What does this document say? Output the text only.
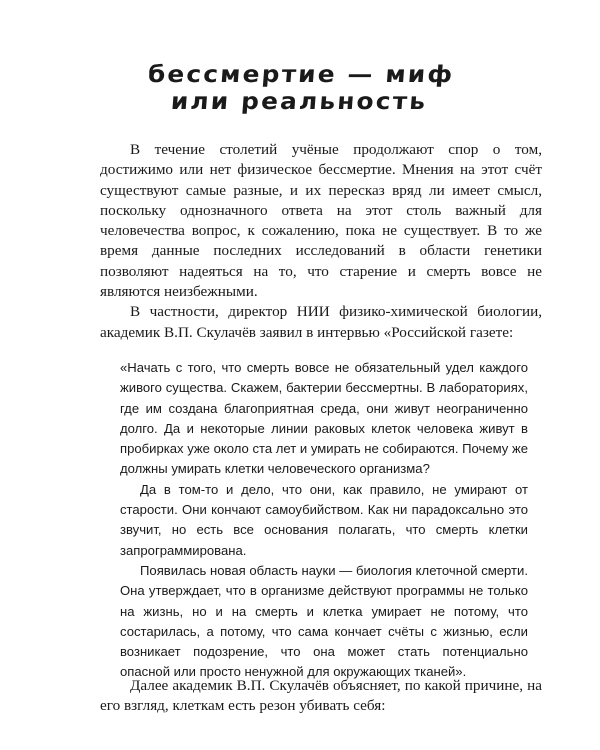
бессмертие — миф
или реальность

В течение столетий учёные продолжают спор о том, достижимо или нет физическое бессмертие. Мнения на этот счёт существуют самые разные, и их пересказ вряд ли имеет смысл, поскольку однозначного ответа на этот столь важный для человечества вопрос, к сожалению, пока не существует. В то же время данные последних исследований в области генетики позволяют надеяться на то, что старение и смерть вовсе не являются неизбежными.

В частности, директор НИИ физико-химической биологии, академик В.П. Скулачёв заявил в интервью «Российской газете:

«Начать с того, что смерть вовсе не обязательный удел каждого живого существа. Скажем, бактерии бессмертны. В лабораториях, где им создана благоприятная среда, они живут неограниченно долго. Да и некоторые линии раковых клеток человека живут в пробирках уже около ста лет и умирать не собираются. Почему же должны умирать клетки человеческого организма?

Да в том-то и дело, что они, как правило, не умирают от старости. Они кончают самоубийством. Как ни парадоксально это звучит, но есть все основания полагать, что смерть клетки запрограммирована.

Появилась новая область науки — биология клеточной смерти. Она утверждает, что в организме действуют программы не только на жизнь, но и на смерть и клетка умирает не потому, что состарилась, а потому, что сама кончает счёты с жизнью, если возникает подозрение, что она может стать потенциально опасной или просто ненужной для окружающих тканей».

Далее академик В.П. Скулачёв объясняет, по какой причине, на его взгляд, клеткам есть резон убивать себя:
